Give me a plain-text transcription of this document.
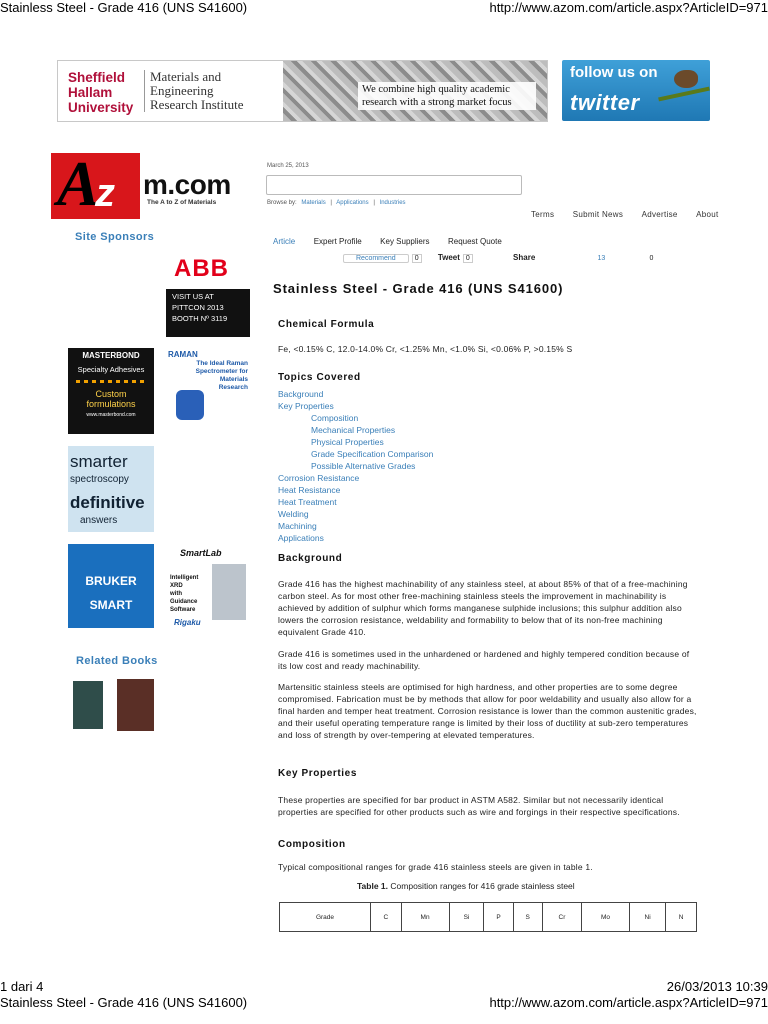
Stainless Steel - Grade 416 (UNS S41600)	http://www.azom.com/article.aspx?ArticleID=971
Sheffield
Hallam
University
Materials and
Engineering
Research Institute
We combine high quality academic
research with a strong market focus
follow us on
twitter
A
z m.com
The A to Z of Materials
March 25, 2013
Browse by: Materials | Applications | Industries
Terms Submit News Advertise About
Site Sponsors
ABB
VISIT US AT
PITTCON 2013
BOOTH Nº 3119
MASTERBOND
Specialty Adhesives
Custom
formulations
www.masterbond.com
RAMAN
The Ideal Raman
Spectrometer for
Materials
Research
smarter
spectroscopy
definitive
answers
BRUKER
SMART
SmartLab
Intelligent
XRD
with
Guidance
Software
Rigaku
Related Books
Article Expert Profile Key Suppliers Request Quote
Recommend	0 Tweet 0	Share	13	0
Stainless Steel - Grade 416 (UNS S41600)
Chemical Formula
Fe, <0.15% C, 12.0-14.0% Cr, <1.25% Mn, <1.0% Si, <0.06% P, >0.15% S
Topics Covered
Background
Key Properties
Composition
Mechanical Properties
Physical Properties
Grade Specification Comparison
Possible Alternative Grades
Corrosion Resistance
Heat Resistance
Heat Treatment
Welding
Machining
Applications
Background

Grade 416 has the highest machinability of any stainless steel, at about 85% of that of a free-machining carbon steel. As for most other free-machining stainless steels the improvement in machinability is achieved by addition of sulphur which forms manganese sulphide inclusions; this sulphur addition also lowers the corrosion resistance, weldability and formability to below that of its non-free machining equivalent Grade 410.

Grade 416 is sometimes used in the unhardened or hardened and highly tempered condition because of its low cost and ready machinability.

Martensitic stainless steels are optimised for high hardness, and other properties are to some degree compromised. Fabrication must be by methods that allow for poor weldability and usually also allow for a final harden and temper heat treatment. Corrosion resistance is lower than the common austenitic grades, and their useful operating temperature range is limited by their loss of ductility at sub-zero temperatures and loss of strength by over-tempering at elevated temperatures.

Key Properties

These properties are specified for bar product in ASTM A582. Similar but not necessarily identical properties are specified for other products such as wire and forgings in their respective specifications.

Composition

Typical compositional ranges for grade 416 stainless steels are given in table 1.

Table 1. Composition ranges for 416 grade stainless steel
Grade	C	Mn	Si	P	S	Cr	Mo	Ni	N
1 dari 4	26/03/2013 10:39
Stainless Steel - Grade 416 (UNS S41600)	http://www.azom.com/article.aspx?ArticleID=971
